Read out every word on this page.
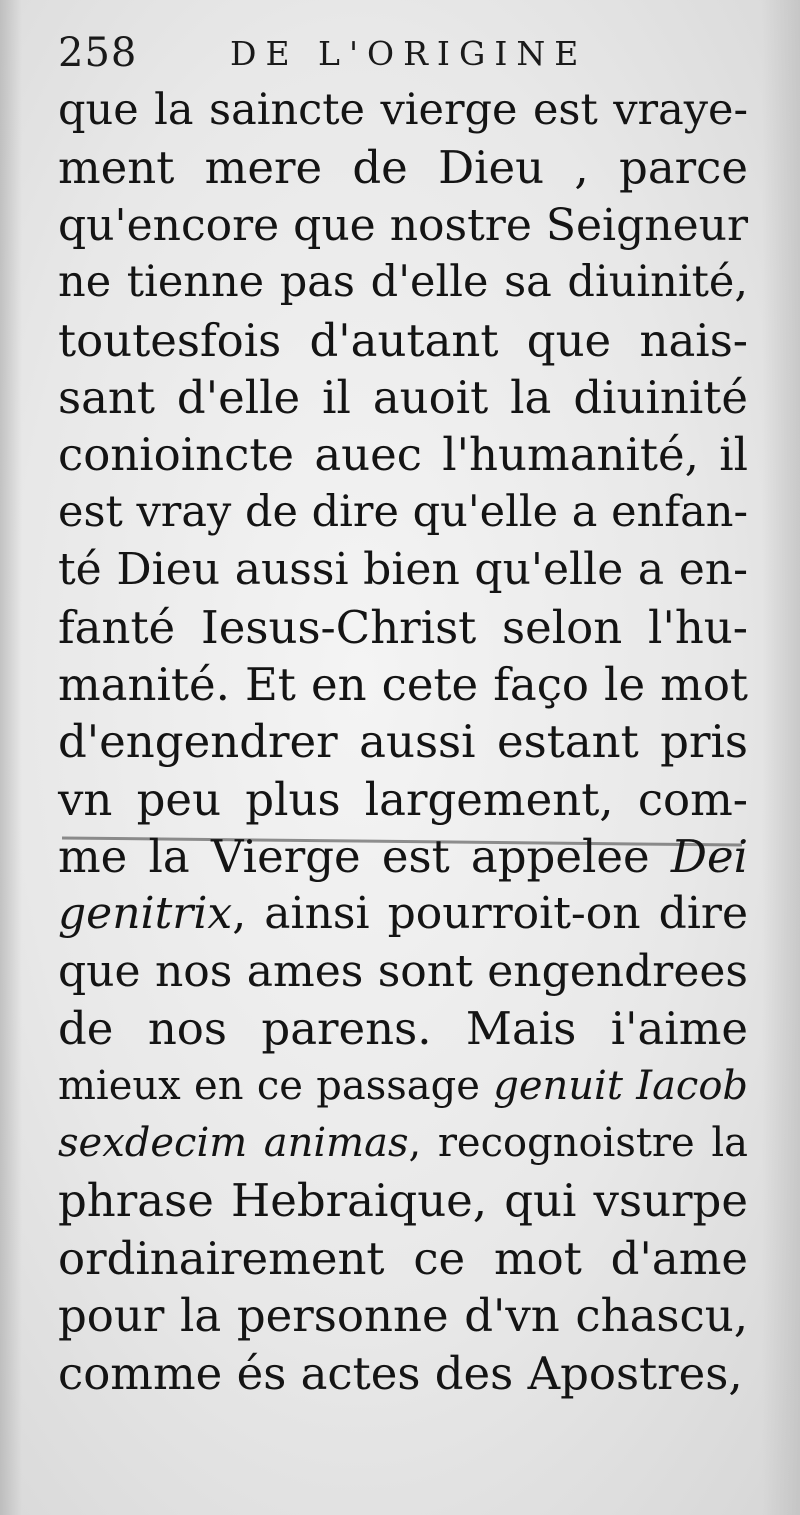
258	DE L'ORIGINE
que la saincte vierge est vraye-
ment mere de Dieu , parce
qu'encore que nostre Seigneur
ne tienne pas d'elle sa diuinité,
toutesfois d'autant que nais-
sant d'elle il auoit la diuinité
conioincte auec l'humanité, il
est vray de dire qu'elle a enfan-
té Dieu aussi bien qu'elle a en-
fanté Iesus-Christ selon l'hu-
manité. Et en cete faço le mot
d'engendrer aussi estant pris
vn peu plus largement, com-
me la Vierge est appelee Dei
genitrix, ainsi pourroit-on dire
que nos ames sont engendrees
de nos parens. Mais i'aime
mieux en ce passage genuit Iacob
sexdecim animas, recognoistre la
phrase Hebraique, qui vsurpe
ordinairement ce mot d'ame
pour la personne d'vn chascu,
comme és actes des Apostres,
